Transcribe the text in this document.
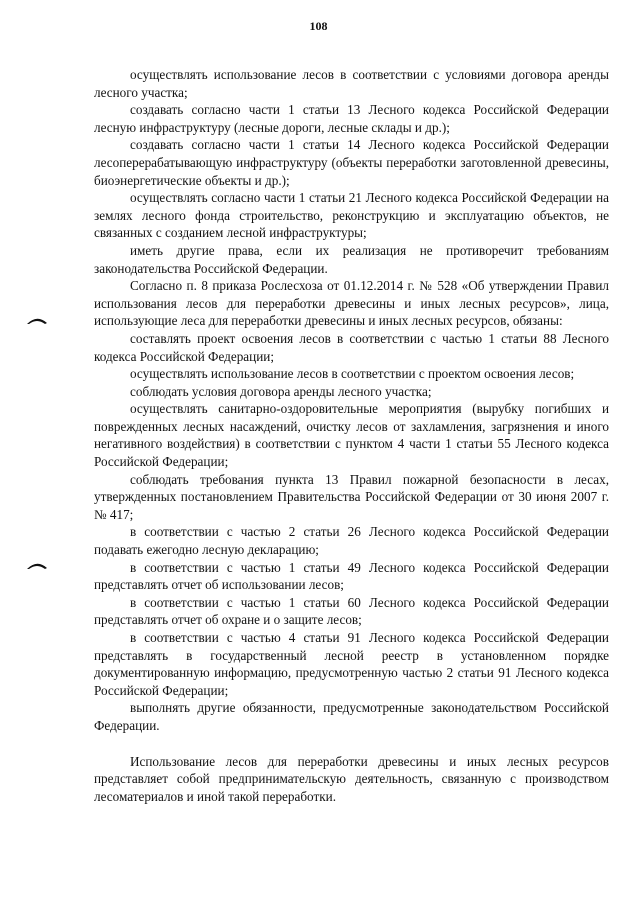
108

осуществлять использование лесов в соответствии с условиями договора аренды лесного участка;

создавать согласно части 1 статьи 13 Лесного кодекса Российской Федерации лесную инфраструктуру (лесные дороги, лесные склады и др.);

создавать согласно части 1 статьи 14 Лесного кодекса Российской Федерации лесоперерабатывающую инфраструктуру (объекты переработки заготовленной древесины, биоэнергетические объекты и др.);

осуществлять согласно части 1 статьи 21 Лесного кодекса Российской Федерации на землях лесного фонда строительство, реконструкцию и эксплуатацию объектов, не связанных с созданием лесной инфраструктуры;

иметь другие права, если их реализация не противоречит требованиям законодательства Российской Федерации.

Согласно п. 8 приказа Рослесхоза от 01.12.2014 г. № 528 «Об утверждении Правил использования лесов для переработки древесины и иных лесных ресурсов», лица, использующие леса для переработки древесины и иных лесных ресурсов, обязаны:

составлять проект освоения лесов в соответствии с частью 1 статьи 88 Лесного кодекса Российской Федерации;

осуществлять использование лесов в соответствии с проектом освоения лесов;

соблюдать условия договора аренды лесного участка;

осуществлять санитарно-оздоровительные мероприятия (вырубку погибших и поврежденных лесных насаждений, очистку лесов от захламления, загрязнения и иного негативного воздействия) в соответствии с пунктом 4 части 1 статьи 55 Лесного кодекса Российской Федерации;

соблюдать требования пункта 13 Правил пожарной безопасности в лесах, утвержденных постановлением Правительства Российской Федерации от 30 июня 2007 г. № 417;

в соответствии с частью 2 статьи 26 Лесного кодекса Российской Федерации подавать ежегодно лесную декларацию;

в соответствии с частью 1 статьи 49 Лесного кодекса Российской Федерации представлять отчет об использовании лесов;

в соответствии с частью 1 статьи 60 Лесного кодекса Российской Федерации представлять отчет об охране и о защите лесов;

в соответствии с частью 4 статьи 91 Лесного кодекса Российской Федерации представлять в государственный лесной реестр в установленном порядке документированную информацию, предусмотренную частью 2 статьи 91 Лесного кодекса Российской Федерации;

выполнять другие обязанности, предусмотренные законодательством Российской Федерации.

Использование лесов для переработки древесины и иных лесных ресурсов представляет собой предпринимательскую деятельность, связанную с производством лесоматериалов и иной такой переработки.
